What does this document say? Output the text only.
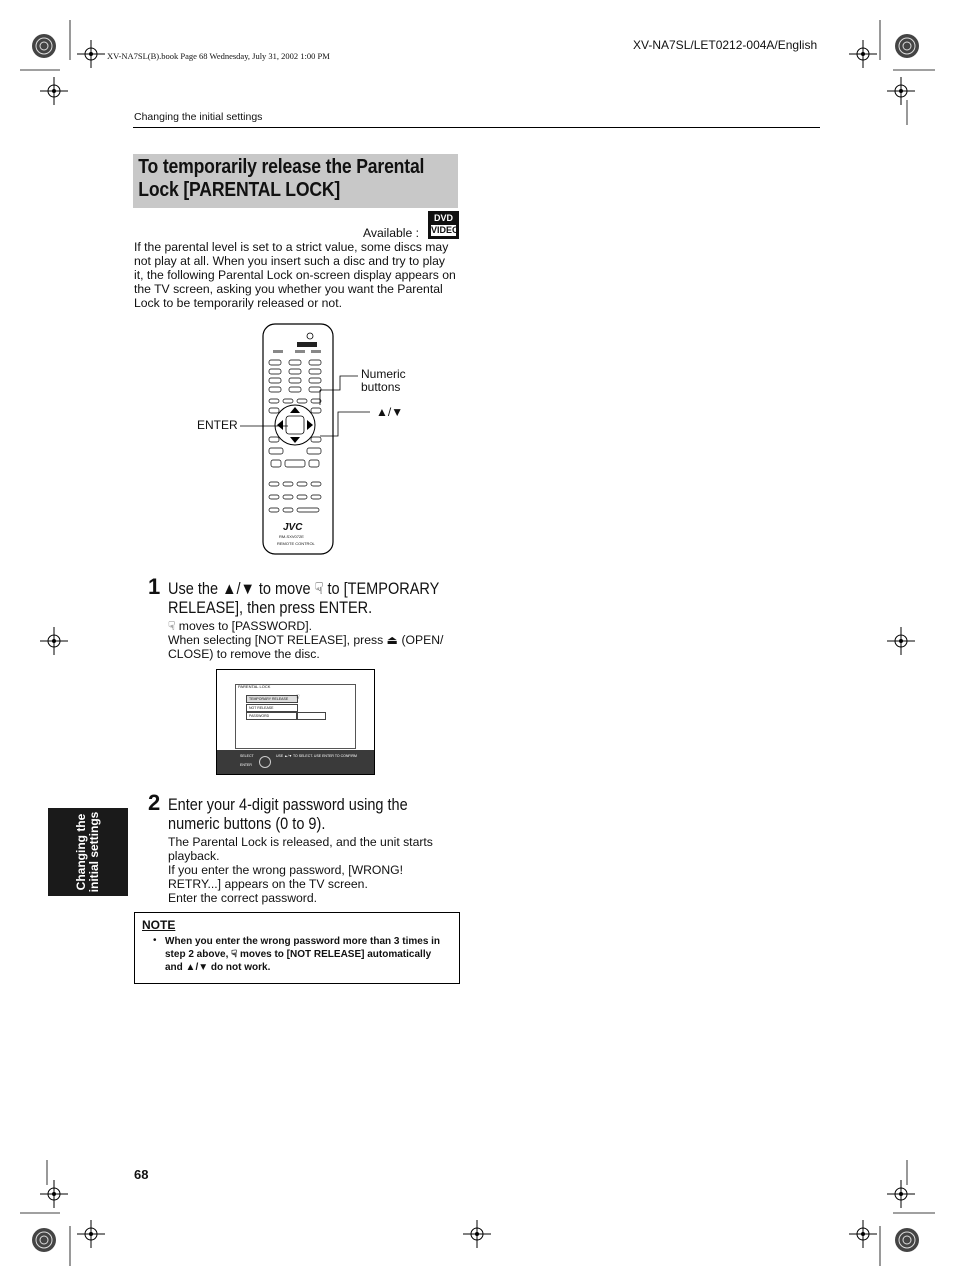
XV-NA7SL(B).book Page 68 Wednesday, July 31, 2002 1:00 PM
XV-NA7SL/LET0212-004A/English
Changing the initial settings
To temporarily release the Parental Lock [PARENTAL LOCK]
Available :
DVD
VIDEO
If the parental level is set to a strict value, some discs may not play at all. When you insert such a disc and try to play it, the following Parental Lock on-screen display appears on the TV screen, asking you whether you want the Parental Lock to be temporarily released or not.
JVC
RM-SXV072E
REMOTE CONTROL
Numeric buttons
▲/▼
ENTER
1 Use the ▲/▼ to move ☟ to [TEMPORARY RELEASE], then press ENTER.
☟ moves to [PASSWORD].
When selecting [NOT RELEASE], press ⏏ (OPEN/ CLOSE) to remove the disc.
PARENTAL LOCK
TEMPORARY RELEASE
NOT RELEASE
PASSWORD
☟
SELECT
ENTER
USE ▲/▼ TO SELECT. USE ENTER TO CONFIRM
2 Enter your 4-digit password using the numeric buttons (0 to 9).
The Parental Lock is released, and the unit starts playback.
If you enter the wrong password, [WRONG! RETRY...] appears on the TV screen.
Enter the correct password.
Changing the initial settings
NOTE
• When you enter the wrong password more than 3 times in step 2 above, ☟ moves to [NOT RELEASE] automatically and ▲/▼ do not work.
68
